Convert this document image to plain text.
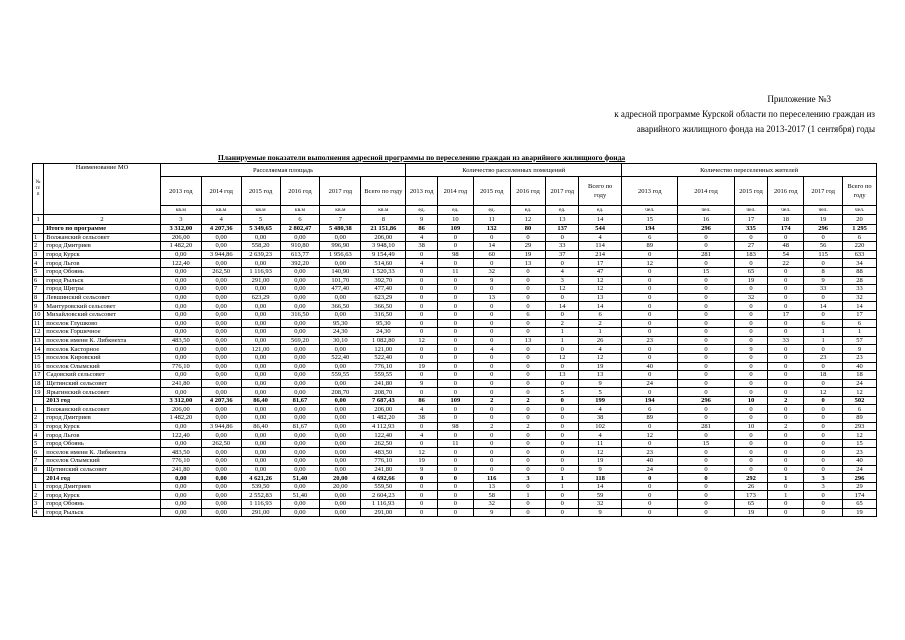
Приложение №3
к адресной программе Курской области по переселению граждан из
аварийного жилищного фонда на 2013-2017 (1 сентября) годы
Планируемые показатели выполнения адресной программы по переселению граждан из аварийного жилищного фонда
№ п/п	Наименование МО	Расселяемая площадь						Количество расселенных помещений						Количество переселенных жителей					
		2013 год	2014 год	2015 год	2016 год	2017 год	Всего по году	2013 год	2014 год	2015 год	2016 год	2017 год	Всего по году	2013 год	2014 год	2015 год	2016 год	2017 год	Всего по году
		кв.м	кв.м	кв.м	кв.м	кв.м	кв.м	ед.	ед.	ед.	ед.	ед.	ед.	чел.	чел.	чел.	чел.	чел.	чел.
1	2	3	4	5	6	7	8	9	10	11	12	13	14	15	16	17	18	19	20
	Итого по программе	3 312,00	4 207,36	5 349,65	2 802,47	5 480,38	21 151,86	86	109	132	80	137	544	194	296	335	174	296	1 295
1	Волжанский сельсовет	206,00	0,00	0,00	0,00	0,00	206,00	4	0	0	0	0	4	6	0	0	0	0	6
2	город Дмитриев	1 482,20	0,00	558,20	910,80	996,90	3 948,10	38	0	14	29	33	114	89	0	27	48	56	220
3	город Курск	0,00	3 944,86	2 639,23	613,77	1 956,63	9 154,49	0	98	60	19	37	214	0	281	183	54	115	633
4	город Льгов	122,40	0,00	0,00	392,20	0,00	514,60	4	0	0	13	0	17	12	0	0	22	0	34
5	город Обоянь	0,00	262,50	1 116,93	0,00	140,90	1 520,33	0	11	32	0	4	47	0	15	65	0	8	88
6	город Рыльск	0,00	0,00	291,00	0,00	101,70	392,70	0	0	9	0	3	12	0	0	19	0	9	28
7	город Щигры	0,00	0,00	0,00	0,00	477,40	477,40	0	0	0	0	12	12	0	0	0	0	33	33
8	Левшинский сельсовет	0,00	0,00	623,29	0,00	0,00	623,29	0	0	13	0	0	13	0	0	32	0	0	32
9	Мантуровский сельсовет	0,00	0,00	0,00	0,00	366,50	366,50	0	0	0	0	14	14	0	0	0	0	14	14
10	Михайловский сельсовет	0,00	0,00	0,00	316,50	0,00	316,50	0	0	0	6	0	6	0	0	0	17	0	17
11	поселок Глушково	0,00	0,00	0,00	0,00	95,30	95,30	0	0	0	0	2	2	0	0	0	0	6	6
12	поселок Горшечное	0,00	0,00	0,00	0,00	24,30	24,30	0	0	0	0	1	1	0	0	0	0	1	1
13	поселок имени К. Либкнехта	483,50	0,00	0,00	569,20	30,10	1 082,80	12	0	0	13	1	26	23	0	0	33	1	57
14	поселок Касторное	0,00	0,00	121,00	0,00	0,00	121,00	0	0	4	0	0	4	0	0	9	0	0	9
15	поселок Кировский	0,00	0,00	0,00	0,00	522,40	522,40	0	0	0	0	12	12	0	0	0	0	23	23
16	поселок Олымский	776,10	0,00	0,00	0,00	0,00	776,10	19	0	0	0	0	19	40	0	0	0	0	40
17	Садовский сельсовет	0,00	0,00	0,00	0,00	559,55	559,55	0	0	0	0	13	13	0	0	0	0	18	18
18	Щетинский сельсовет	241,80	0,00	0,00	0,00	0,00	241,80	9	0	0	0	0	9	24	0	0	0	0	24
19	Ярыгинский сельсовет	0,00	0,00	0,00	0,00	208,70	208,70	0	0	0	0	5	5	0	0	0	0	12	12
	2013 год	3 312,00	4 207,36	86,40	81,67	0,00	7 687,43	86	109	2	2	0	199	194	296	10	2	0	502
1	Волжанский сельсовет	206,00	0,00	0,00	0,00	0,00	206,00	4	0	0	0	0	4	6	0	0	0	0	6
2	город Дмитриев	1 482,20	0,00	0,00	0,00	0,00	1 482,20	38	0	0	0	0	38	89	0	0	0	0	89
3	город Курск	0,00	3 944,86	86,40	81,67	0,00	4 112,93	0	98	2	2	0	102	0	281	10	2	0	293
4	город Льгов	122,40	0,00	0,00	0,00	0,00	122,40	4	0	0	0	0	4	12	0	0	0	0	12
5	город Обоянь	0,00	262,50	0,00	0,00	0,00	262,50	0	11	0	0	0	11	0	15	0	0	0	15
6	поселок имени К. Либкнехта	483,50	0,00	0,00	0,00	0,00	483,50	12	0	0	0	0	12	23	0	0	0	0	23
7	поселок Олымский	776,10	0,00	0,00	0,00	0,00	776,10	19	0	0	0	0	19	40	0	0	0	0	40
8	Щетинский сельсовет	241,80	0,00	0,00	0,00	0,00	241,80	9	0	0	0	0	9	24	0	0	0	0	24
	2014 год	0,00	0,00	4 621,26	51,40	20,00	4 692,66	0	0	116	3	1	118	0	0	292	1	3	296
1	город Дмитриев	0,00	0,00	539,50	0,00	20,00	559,50	0	0	13	0	1	14	0	0	26	0	3	29
2	город Курск	0,00	0,00	2 552,83	51,40	0,00	2 604,23	0	0	58	1	0	59	0	0	173	1	0	174
3	город Обоянь	0,00	0,00	1 116,93	0,00	0,00	1 116,93	0	0	32	0	0	32	0	0	65	0	0	65
4	город Рыльск	0,00	0,00	291,00	0,00	0,00	291,00	0	0	9	0	0	9	0	0	19	0	0	19
